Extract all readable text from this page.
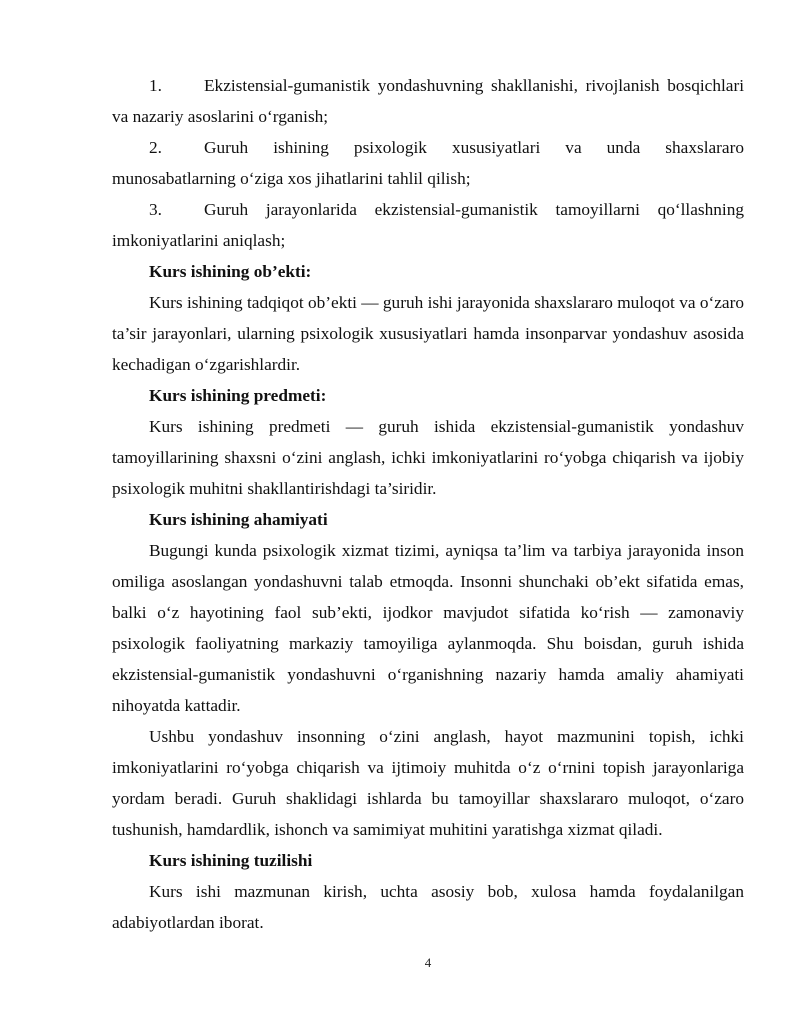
1. Ekzistensial-gumanistik yondashuvning shakllanishi, rivojlanish bosqichlari va nazariy asoslarini o‘rganish;

2. Guruh ishining psixologik xususiyatlari va unda shaxslararo munosabatlarning o‘ziga xos jihatlarini tahlil qilish;

3. Guruh jarayonlarida ekzistensial-gumanistik tamoyillarni qo‘llashning imkoniyatlarini aniqlash;

Kurs ishining ob’ekti:

Kurs ishining tadqiqot ob’ekti — guruh ishi jarayonida shaxslararo muloqot va o‘zaro ta’sir jarayonlari, ularning psixologik xususiyatlari hamda insonparvar yondashuv asosida kechadigan o‘zgarishlardir.

Kurs ishining predmeti:

Kurs ishining predmeti — guruh ishida ekzistensial-gumanistik yondashuv tamoyillarining shaxsni o‘zini anglash, ichki imkoniyatlarini ro‘yobga chiqarish va ijobiy psixologik muhitni shakllantirishdagi ta’siridir.

Kurs ishining ahamiyati

Bugungi kunda psixologik xizmat tizimi, ayniqsa ta’lim va tarbiya jarayonida inson omiliga asoslangan yondashuvni talab etmoqda. Insonni shunchaki ob’ekt sifatida emas, balki o‘z hayotining faol sub’ekti, ijodkor mavjudot sifatida ko‘rish — zamonaviy psixologik faoliyatning markaziy tamoyiliga aylanmoqda. Shu boisdan, guruh ishida ekzistensial-gumanistik yondashuvni o‘rganishning nazariy hamda amaliy ahamiyati nihoyatda kattadir.

Ushbu yondashuv insonning o‘zini anglash, hayot mazmunini topish, ichki imkoniyatlarini ro‘yobga chiqarish va ijtimoiy muhitda o‘z o‘rnini topish jarayonlariga yordam beradi. Guruh shaklidagi ishlarda bu tamoyillar shaxslararo muloqot, o‘zaro tushunish, hamdardlik, ishonch va samimiyat muhitini yaratishga xizmat qiladi.

Kurs ishining tuzilishi

Kurs ishi mazmunan kirish, uchta asosiy bob, xulosa hamda foydalanilgan adabiyotlardan iborat.

4
